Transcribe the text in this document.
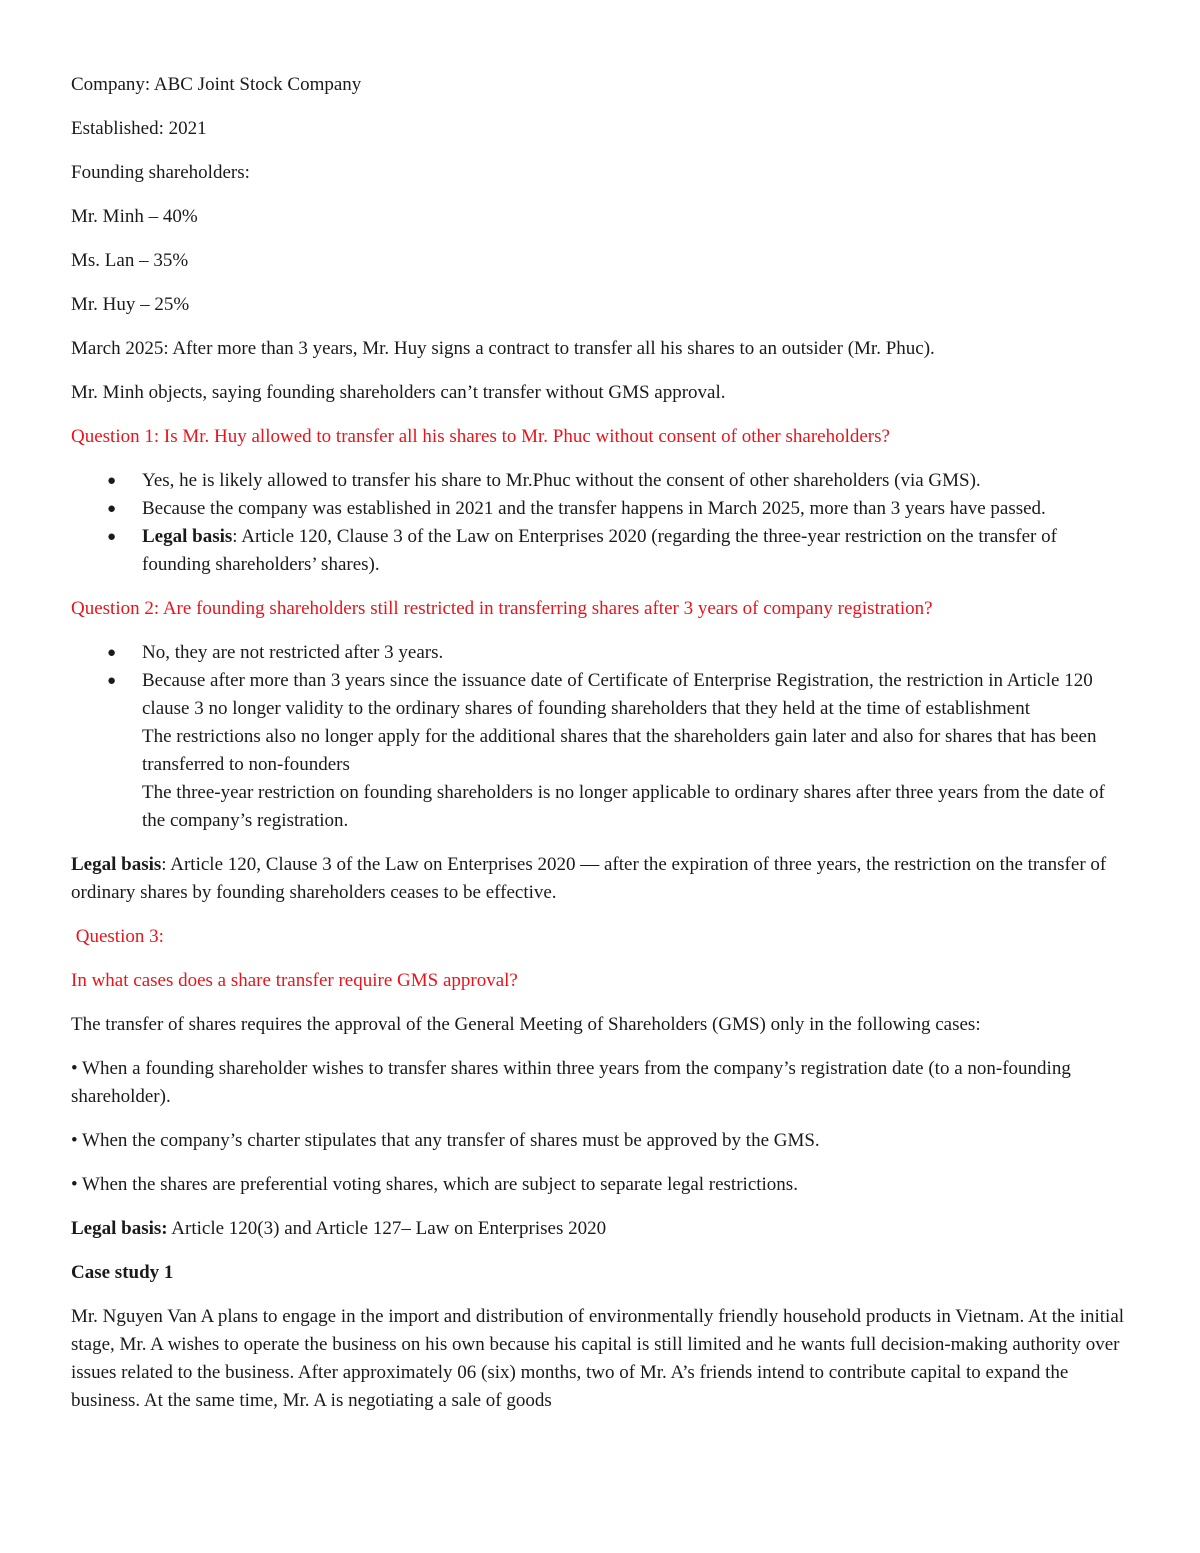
Company: ABC Joint Stock Company

Established: 2021

Founding shareholders:

Mr. Minh – 40%

Ms. Lan – 35%

Mr. Huy – 25%

March 2025: After more than 3 years, Mr. Huy signs a contract to transfer all his shares to an outsider (Mr. Phuc).

Mr. Minh objects, saying founding shareholders can’t transfer without GMS approval.

Question 1: Is Mr. Huy allowed to transfer all his shares to Mr. Phuc without consent of other shareholders?

● Yes, he is likely allowed to transfer his share to Mr.Phuc without the consent of other shareholders (via GMS).
● Because the company was established in 2021 and the transfer happens in March 2025, more than 3 years have passed.
● Legal basis: Article 120, Clause 3 of the Law on Enterprises 2020 (regarding the three-year restriction on the transfer of founding shareholders’ shares).

Question 2: Are founding shareholders still restricted in transferring shares after 3 years of company registration?

● No, they are not restricted after 3 years.
● Because after more than 3 years since the issuance date of Certificate of Enterprise Registration, the restriction in Article 120 clause 3 no longer validity to the ordinary shares of founding shareholders that they held at the time of establishment
The restrictions also no longer apply for the additional shares that the shareholders gain later and also for shares that has been transferred to non-founders
The three-year restriction on founding shareholders is no longer applicable to ordinary shares after three years from the date of the company’s registration.

Legal basis: Article 120, Clause 3 of the Law on Enterprises 2020 — after the expiration of three years, the restriction on the transfer of ordinary shares by founding shareholders ceases to be effective.

Question 3:

In what cases does a share transfer require GMS approval?

The transfer of shares requires the approval of the General Meeting of Shareholders (GMS) only in the following cases:

• When a founding shareholder wishes to transfer shares within three years from the company’s registration date (to a non-founding shareholder).

• When the company’s charter stipulates that any transfer of shares must be approved by the GMS.

• When the shares are preferential voting shares, which are subject to separate legal restrictions.

Legal basis: Article 120(3) and Article 127– Law on Enterprises 2020

Case study 1

Mr. Nguyen Van A plans to engage in the import and distribution of environmentally friendly household products in Vietnam. At the initial stage, Mr. A wishes to operate the business on his own because his capital is still limited and he wants full decision-making authority over issues related to the business. After approximately 06 (six) months, two of Mr. A’s friends intend to contribute capital to expand the business. At the same time, Mr. A is negotiating a sale of goods
